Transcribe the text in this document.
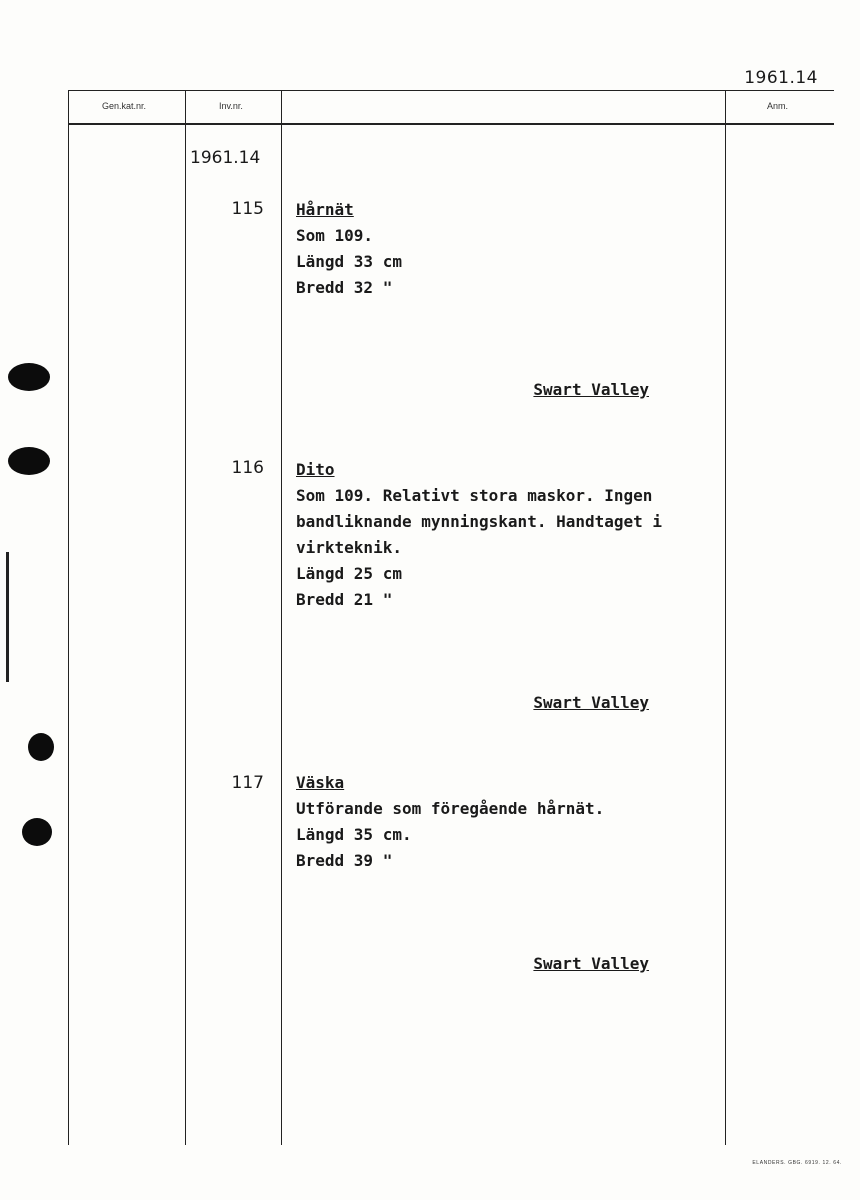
1961.14
Gen.kat.nr.	Inv.nr.	Anm.
1961.14
115 Hårnät

Som 109.

Längd 33 cm

Bredd 32 "

Swart Valley
116 Dito

Som 109. Relativt stora maskor. Ingen

bandliknande mynningskant. Handtaget i

virkteknik.

Längd 25 cm

Bredd 21 "

Swart Valley
117 Väska

Utförande som föregående hårnät.

Längd 35 cm.

Bredd 39 "

Swart Valley
ELANDERS. GBG. 6919. 12. 64.
